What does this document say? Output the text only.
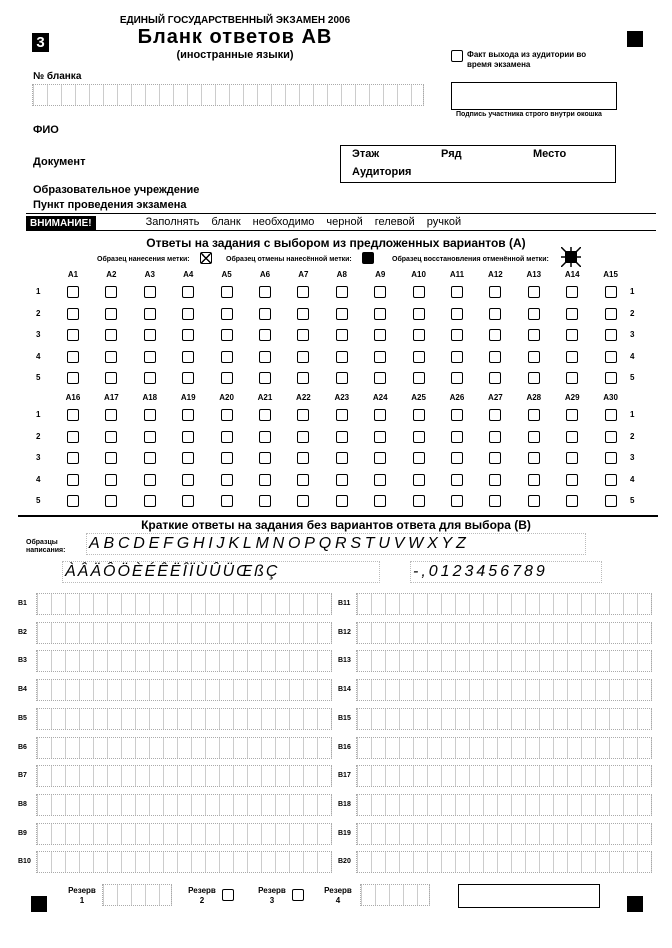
3
ЕДИНЫЙ ГОСУДАРСТВЕННЫЙ ЭКЗАМЕН 2006
Бланк ответов АВ
(иностранные языки)	Факт выхода из аудитории во время экзамена
Подпись участника строго внутри окошка
№ бланка
ФИО
Документ
Образовательное учреждение
Пункт проведения экзамена
Этаж	Ряд	Место
Аудитория
ВНИМАНИЕ!	Заполнять бланк необходимо черной гелевой ручкой
Ответы на задания с выбором из предложенных вариантов (А)
Образец нанесения метки:	Образец отмены нанесённой метки:	Образец восстановления отменённой метки:
A1	A2	A3	A4	A5	A6	A7	A8	A9	A10	A11	A12	A13	A14	A15
1	1
2	2
3	3
4	4
5	5
A16	A17	A18	A19	A20	A21	A22	A23	A24	A25	A26	A27	A28	A29	A30
1	1
2	2
3	3
4	4
5	5
Краткие ответы на задания без вариантов ответа для выбора (В)
Образцы
написания: ABCDEFGHIJKLMNOPQRSTUVWXYZ
ÀÂÄÔÖÈÉÊËÎÏÙÛÜŒßÇ	-,0123456789
B1
B2
B3
B4
B5
B6
B7
B8
B9
B10
B11
B12
B13
B14
B15
B16
B17
B18
B19
B20
Резерв
1
Резерв
2
Резерв
3
Резерв
4
